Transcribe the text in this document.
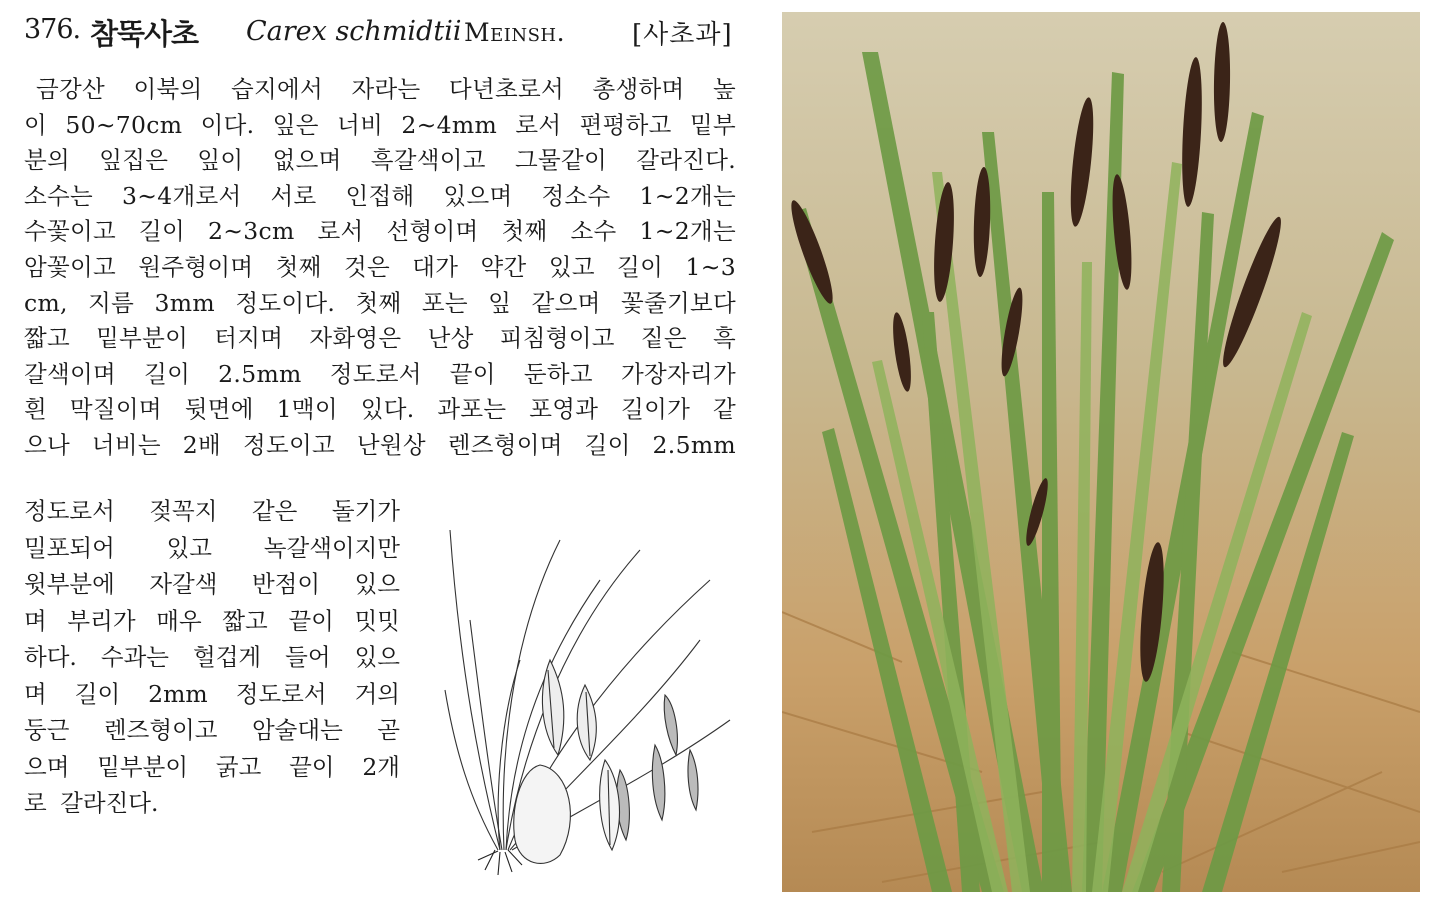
376. 참뚝사초 Carex schmidtii Meinsh.	[사초과]
금강산 이북의 습지에서 자라는 다년초로서 총생하며 높
이 50∼70cm 이다. 잎은 너비 2∼4mm 로서 편평하고 밑부
분의 잎집은 잎이 없으며 흑갈색이고 그물같이 갈라진다.
소수는 3∼4개로서 서로 인접해 있으며 정소수 1∼2개는
수꽃이고 길이 2∼3cm 로서 선형이며 첫째 소수 1∼2개는
암꽃이고 원주형이며 첫째 것은 대가 약간 있고 길이 1∼3
cm, 지름 3mm 정도이다. 첫째 포는 잎 같으며 꽃줄기보다
짧고 밑부분이 터지며 자화영은 난상 피침형이고 짙은 흑
갈색이며 길이 2.5mm 정도로서 끝이 둔하고 가장자리가
흰 막질이며 뒷면에 1맥이 있다. 과포는 포영과 길이가 같
으나 너비는 2배 정도이고 난원상 렌즈형이며 길이 2.5mm
정도로서 젖꼭지 같은 돌기가
밀포되어 있고 녹갈색이지만
윗부분에 자갈색 반점이 있으
며 부리가 매우 짧고 끝이 밋밋
하다. 수과는 헐겁게 들어 있으
며 길이 2mm 정도로서 거의
둥근 렌즈형이고 암술대는 곧
으며 밑부분이 굵고 끝이 2개
로 갈라진다.
